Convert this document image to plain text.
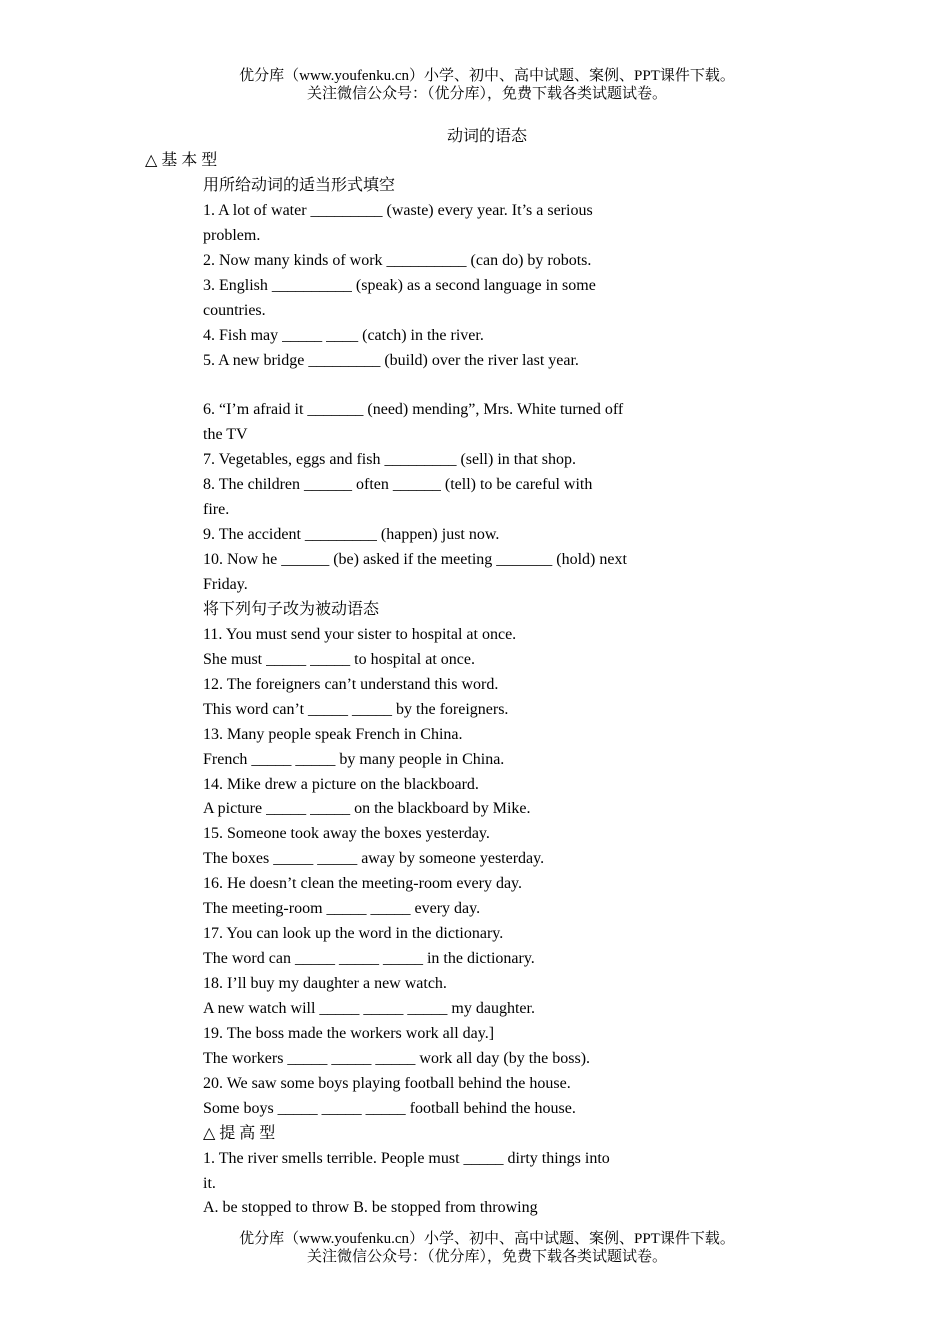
优分库（www.youfenku.cn）小学、初中、高中试题、案例、PPT课件下载。
关注微信公众号：（优分库），免费下载各类试题试卷。
动词的语态
△基本型
用所给动词的适当形式填空
1. A lot of water _________ (waste) every year. It’s a serious
problem.
2. Now many kinds of work __________ (can do) by robots.
3. English __________ (speak) as a second language in some
countries.
4. Fish may _____ ____ (catch) in the river.
5. A new bridge _________ (build) over the river last year.
6. “I’m afraid it _______ (need) mending”, Mrs. White turned off
the TV
7. Vegetables, eggs and fish _________ (sell) in that shop.
8. The children ______ often ______ (tell) to be careful with
fire.
9. The accident _________ (happen) just now.
10. Now he ______ (be) asked if the meeting _______ (hold) next
Friday.
将下列句子改为被动语态
11. You must send your sister to hospital at once.
She must _____ _____ to hospital at once.
12. The foreigners can’t understand this word.
This word can’t _____ _____ by the foreigners.
13. Many people speak French in China.
French _____ _____ by many people in China.
14. Mike drew a picture on the blackboard.
A picture _____ _____ on the blackboard by Mike.
15. Someone took away the boxes yesterday.
The boxes _____ _____ away by someone yesterday.
16. He doesn’t clean the meeting-room every day.
The meeting-room _____ _____ every day.
17. You can look up the word in the dictionary.
The word can _____ _____ _____ in the dictionary.
18. I’ll buy my daughter a new watch.
A new watch will _____ _____ _____ my daughter.
19. The boss made the workers work all day.]
The workers _____ _____ _____ work all day (by the boss).
20. We saw some boys playing football behind the house.
Some boys _____ _____ _____ football behind the house.
△提高型
1. The river smells terrible. People must _____ dirty things into
it.
A. be stopped to throw B. be stopped from throwing
优分库（www.youfenku.cn）小学、初中、高中试题、案例、PPT课件下载。
关注微信公众号：（优分库），免费下载各类试题试卷。
